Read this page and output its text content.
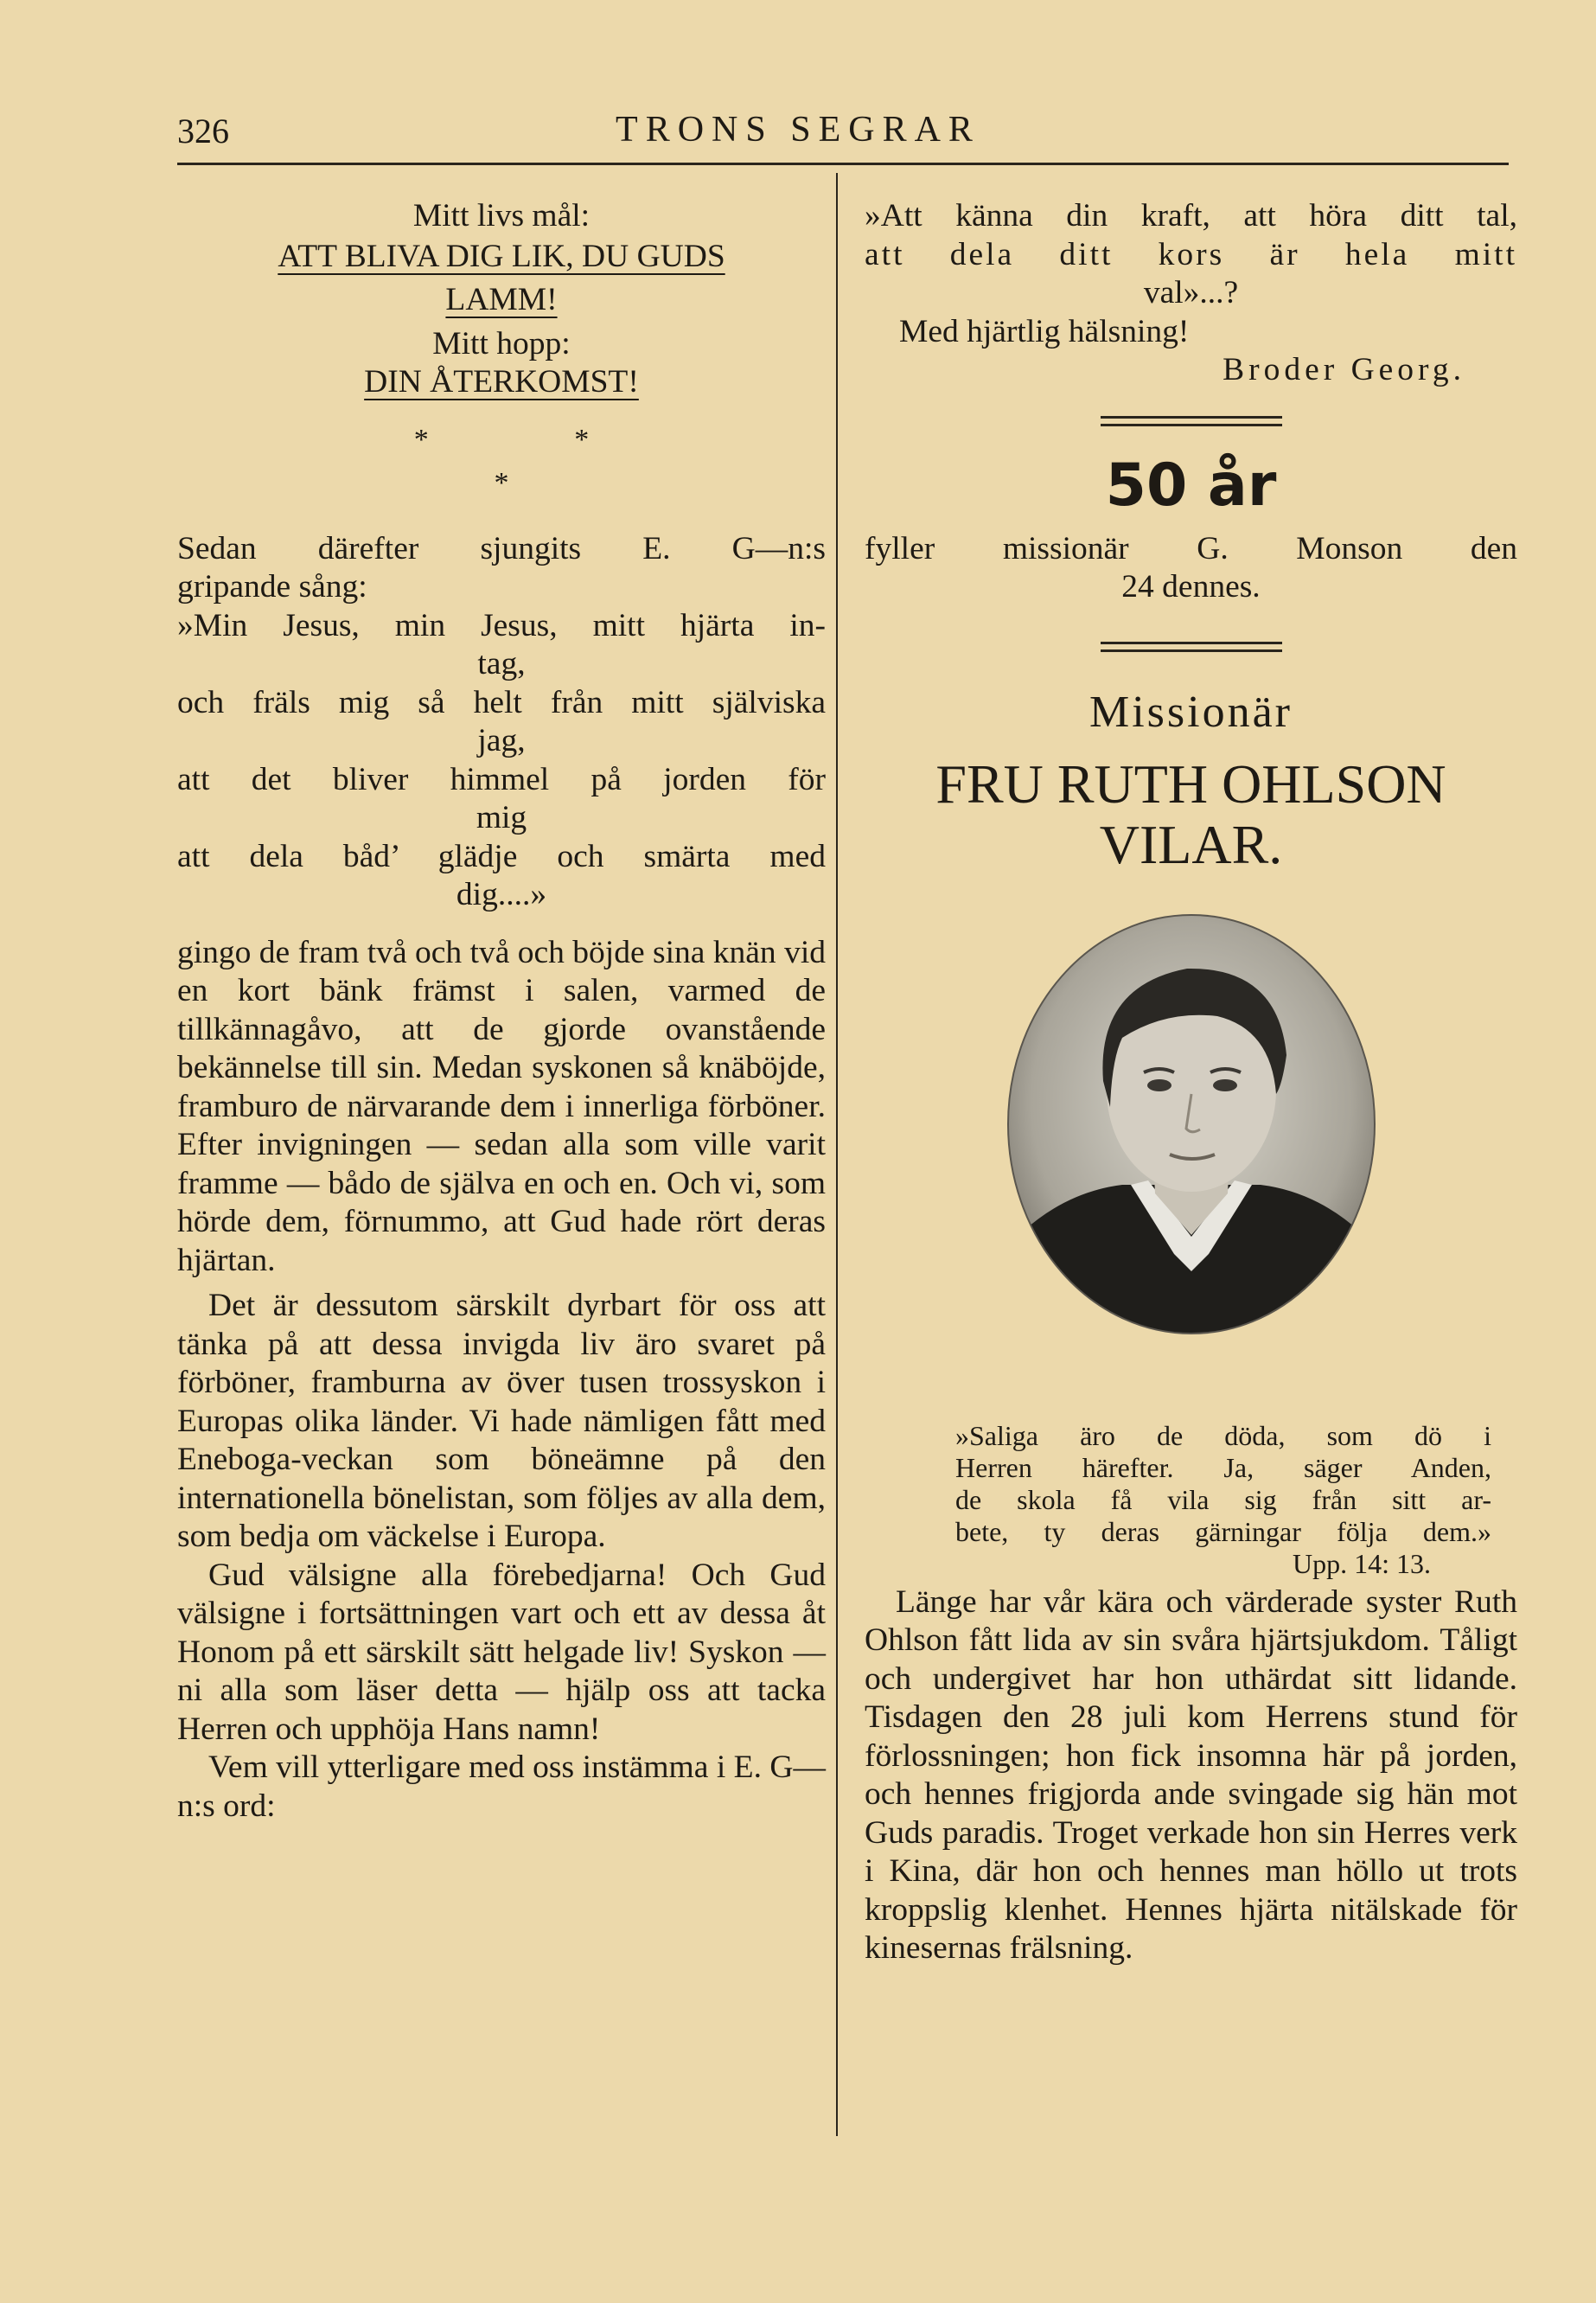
326	TRONS SEGRAR
Mitt livs mål:
ATT BLIVA DIG LIK, DU GUDS
LAMM!
Mitt hopp:
DIN ÅTERKOMST!
* *
*
Sedan därefter sjungits E. G—n:s
gripande sång:
»Min Jesus, min Jesus, mitt hjärta in-
tag,
och fräls mig så helt från mitt själviska
jag,
att det bliver himmel på jorden för
mig
att dela båd’ glädje och smärta med
dig....»

gingo de fram två och två och böjde sina knän vid en kort bänk främst i salen, varmed de tillkännagåvo, att de gjorde ovanstående bekännelse till sin. Medan syskonen så knäböjde, framburo de närvarande dem i innerliga förböner. Efter invigningen — sedan alla som ville varit framme — bådo de själva en och en. Och vi, som hörde dem, förnummo, att Gud hade rört deras hjärtan.

Det är dessutom särskilt dyrbart för oss att tänka på att dessa invigda liv äro svaret på förböner, framburna av över tusen trossyskon i Europas olika länder. Vi hade nämligen fått med Eneboga-veckan som böneämne på den internationella bönelistan, som följes av alla dem, som bedja om väckelse i Europa.

Gud välsigne alla förebedjarna! Och Gud välsigne i fortsättningen vart och ett av dessa åt Honom på ett särskilt sätt helgade liv! Syskon — ni alla som läser detta — hjälp oss att tacka Herren och upphöja Hans namn!

Vem vill ytterligare med oss instämma i E. G—n:s ord:

»Att känna din kraft, att höra ditt tal,
att dela ditt kors är hela mitt
val»...?
Med hjärtlig hälsning!
Broder Georg.
50 år
fyller missionär G. Monson den
24 dennes.
Missionär
FRU RUTH OHLSON
VILAR.
»Saliga äro de döda, som dö i
Herren härefter. Ja, säger Anden,
de skola få vila sig från sitt ar-
bete, ty deras gärningar följa dem.»
Upp. 14: 13.

Länge har vår kära och värderade syster Ruth Ohlson fått lida av sin svåra hjärtsjukdom. Tåligt och undergivet har hon uthärdat sitt lidande. Tisdagen den 28 juli kom Herrens stund för förlossningen; hon fick insomna här på jorden, och hennes frigjorda ande svingade sig hän mot Guds paradis. Troget verkade hon sin Herres verk i Kina, där hon och hennes man höllo ut trots kroppslig klenhet. Hennes hjärta nitälskade för kinesernas frälsning.
